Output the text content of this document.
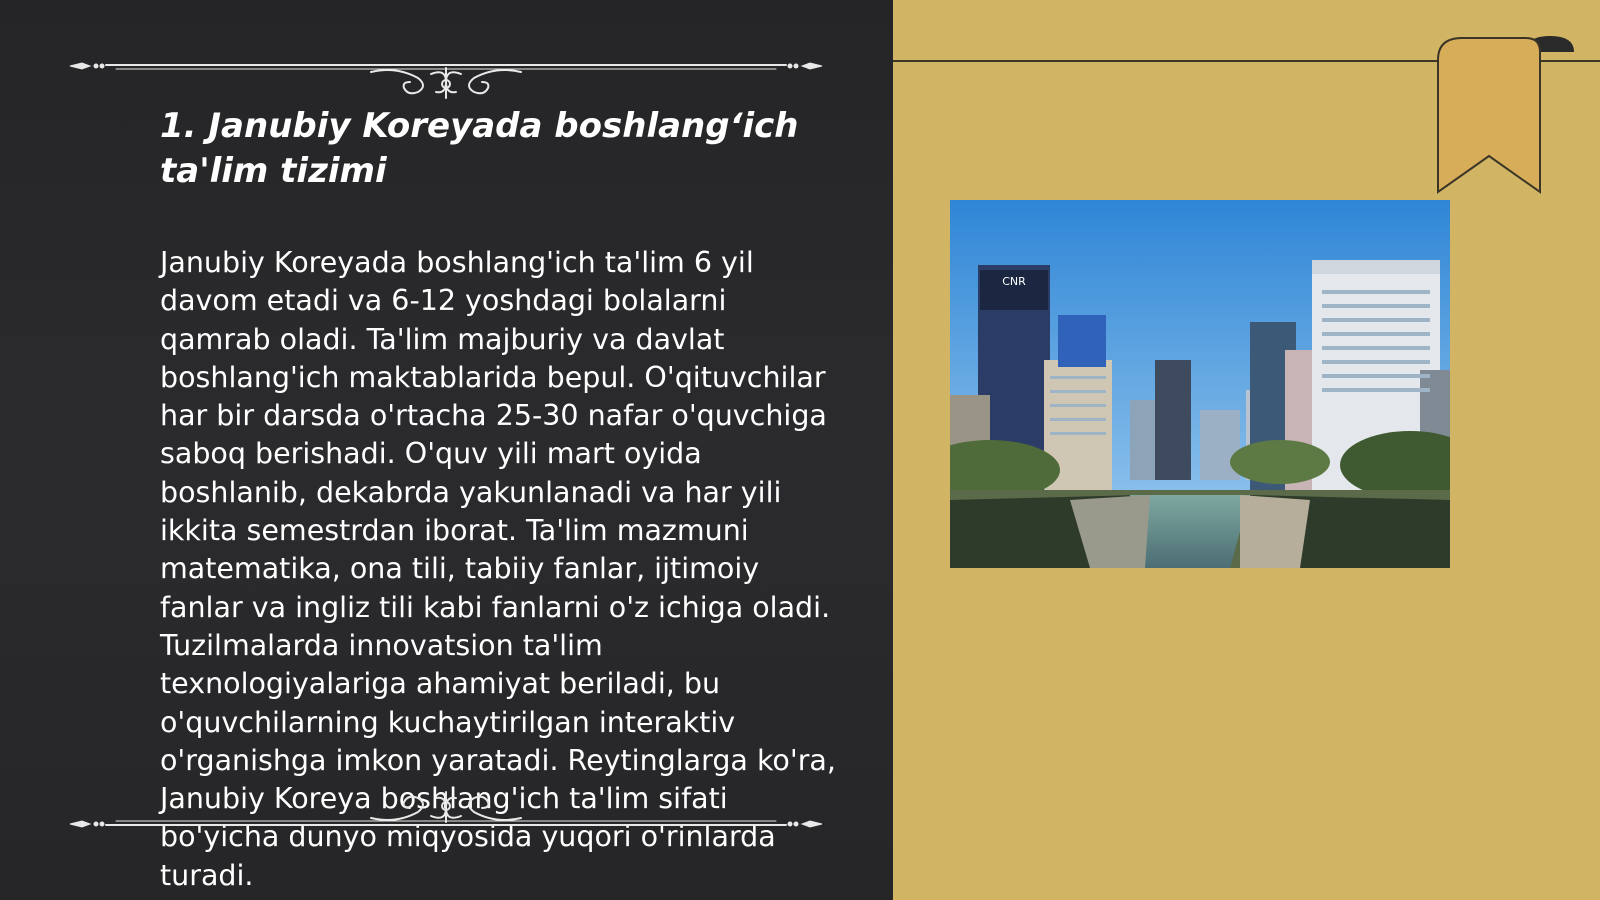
1. Janubiy Koreyada boshlang‘ich ta'lim tizimi

Janubiy Koreyada boshlang'ich ta'lim 6 yil davom etadi va 6-12 yoshdagi bolalarni qamrab oladi. Ta'lim majburiy va davlat boshlang'ich maktablarida bepul. O'qituvchilar har bir darsda o'rtacha 25-30 nafar o'quvchiga saboq berishadi. O'quv yili mart oyida boshlanib, dekabrda yakunlanadi va har yili ikkita semestrdan iborat. Ta'lim mazmuni matematika, ona tili, tabiiy fanlar, ijtimoiy fanlar va ingliz tili kabi fanlarni o'z ichiga oladi. Tuzilmalarda innovatsion ta'lim texnologiyalariga ahamiyat beriladi, bu o'quvchilarning kuchaytirilgan interaktiv o'rganishga imkon yaratadi. Reytinglarga ko'ra, Janubiy Koreya boshlang'ich ta'lim sifati bo'yicha dunyo miqyosida yuqori o'rinlarda turadi.

CNR
